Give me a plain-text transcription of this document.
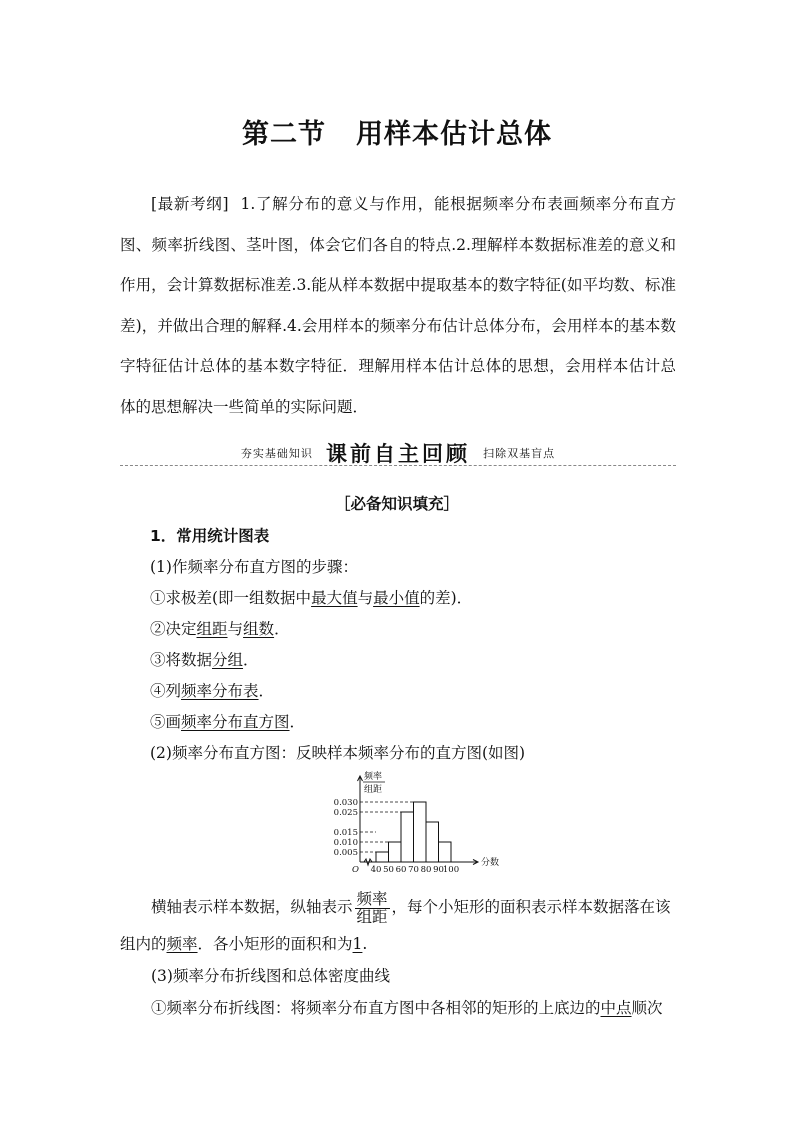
第二节 用样本估计总体

[最新考纲] 1.了解分布的意义与作用，能根据频率分布表画频率分布直方图、频率折线图、茎叶图，体会它们各自的特点.2.理解样本数据标准差的意义和作用，会计算数据标准差.3.能从样本数据中提取基本的数字特征(如平均数、标准差)，并做出合理的解释.4.会用样本的频率分布估计总体分布，会用样本的基本数字特征估计总体的基本数字特征．理解用样本估计总体的思想，会用样本估计总体的思想解决一些简单的实际问题．

夯实基础知识 课前自主回顾 扫除双基盲点
［必备知识填充］
1．常用统计图表
(1)作频率分布直方图的步骤：
①求极差(即一组数据中最大值与最小值的差)．
②决定组距与组数．
③将数据分组．
④列频率分布表．
⑤画频率分布直方图．
(2)频率分布直方图：反映样本频率分布的直方图(如图)
0.005
0.010
0.015
0.025
0.030
40 50 60 70 80 90
100
O
分数
频率
组距
横轴表示样本数据，纵轴表示 $\frac{\text{频率}}{\text{组距}}$ ，每个小矩形的面积表示样本数据落在该
组内的频率．各小矩形的面积和为1.
(3)频率分布折线图和总体密度曲线
①频率分布折线图：将频率分布直方图中各相邻的矩形的上底边的中点顺次
